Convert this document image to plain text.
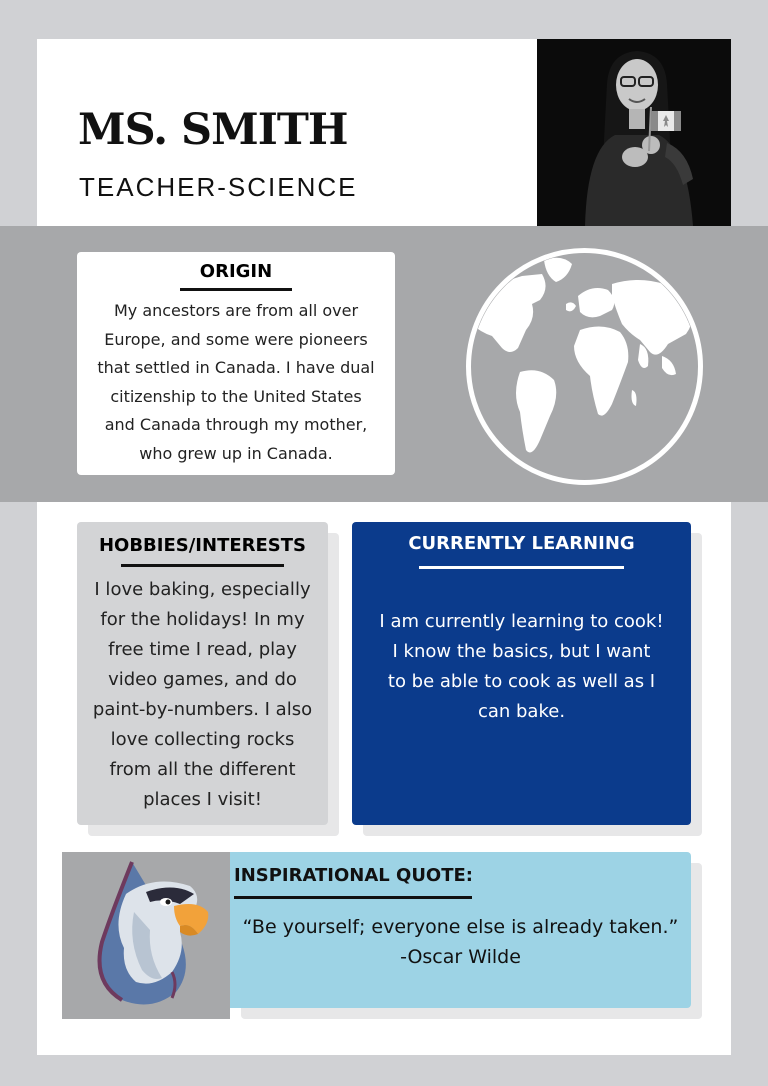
MS. SMITH
TEACHER-SCIENCE
ORIGIN
My ancestors are from all over
Europe, and some were pioneers
that settled in Canada. I have dual
citizenship to the United States
and Canada through my mother,
who grew up in Canada.
HOBBIES/INTERESTS
I love baking, especially
for the holidays! In my
free time I read, play
video games, and do
paint-by-numbers. I also
love collecting rocks
from all the different
places I visit!
CURRENTLY LEARNING
I am currently learning to cook!
I know the basics, but I want
to be able to cook as well as I
can bake.
INSPIRATIONAL QUOTE:
“Be yourself; everyone else is already taken.”
-Oscar Wilde
